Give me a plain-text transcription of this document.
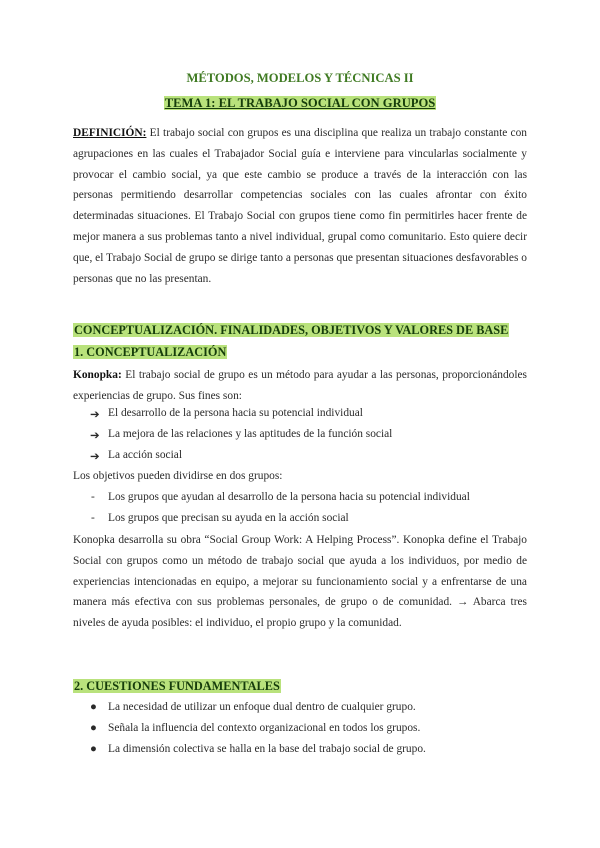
MÉTODOS, MODELOS Y TÉCNICAS II
TEMA 1: EL TRABAJO SOCIAL CON GRUPOS
DEFINICIÓN: El trabajo social con grupos es una disciplina que realiza un trabajo constante con agrupaciones en las cuales el Trabajador Social guía e interviene para vincularlas socialmente y provocar el cambio social, ya que este cambio se produce a través de la interacción con las personas permitiendo desarrollar competencias sociales con las cuales afrontar con éxito determinadas situaciones. El Trabajo Social con grupos tiene como fin permitirles hacer frente de mejor manera a sus problemas tanto a nivel individual, grupal como comunitario. Esto quiere decir que, el Trabajo Social de grupo se dirige tanto a personas que presentan situaciones desfavorables o personas que no las presentan.
CONCEPTUALIZACIÓN. FINALIDADES, OBJETIVOS Y VALORES DE BASE
1. CONCEPTUALIZACIÓN
Konopka: El trabajo social de grupo es un método para ayudar a las personas, proporcionándoles experiencias de grupo. Sus fines son:
➔ El desarrollo de la persona hacia su potencial individual
➔ La mejora de las relaciones y las aptitudes de la función social
➔ La acción social
Los objetivos pueden dividirse en dos grupos:
- Los grupos que ayudan al desarrollo de la persona hacia su potencial individual
- Los grupos que precisan su ayuda en la acción social
Konopka desarrolla su obra “Social Group Work: A Helping Process”. Konopka define el Trabajo Social con grupos como un método de trabajo social que ayuda a los individuos, por medio de experiencias intencionadas en equipo, a mejorar su funcionamiento social y a enfrentarse de una manera más efectiva con sus problemas personales, de grupo o de comunidad. → Abarca tres niveles de ayuda posibles: el individuo, el propio grupo y la comunidad.
2. CUESTIONES FUNDAMENTALES
● La necesidad de utilizar un enfoque dual dentro de cualquier grupo.
● Señala la influencia del contexto organizacional en todos los grupos.
● La dimensión colectiva se halla en la base del trabajo social de grupo.
